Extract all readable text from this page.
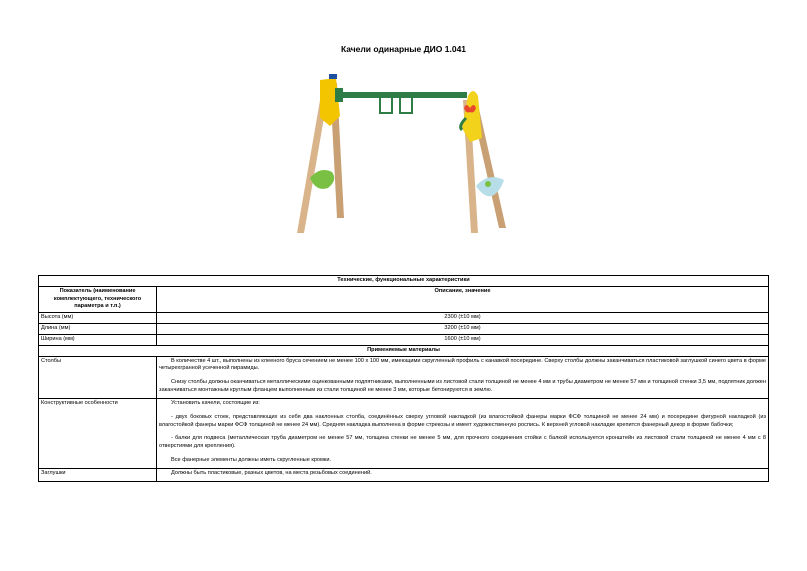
Качели одинарные ДИО 1.041
Технические, функциональные характеристики	
Показатель (наименование комплектующего, технического параметра и т.п.)	Описание, значение
Высота (мм)	2300 (±10 мм)
Длина (мм)	3200 (±10 мм)
Ширина (мм)	1600 (±10 мм)
Применяемые материалы	
Столбы	В количестве 4 шт., выполнены из клееного бруса сечением не менее 100 х 100 мм, имеющими скругленный профиль с канавкой посередине. Сверху столбы должны заканчиваться пластиковой заглушкой синего цвета в форме четырехгранной усеченной пирамиды.

Снизу столбы должны оканчиваться металлическими оцинкованными подпятниками, выполненными из листовой стали толщиной не менее 4 мм и трубы диаметром не менее 57 мм и толщиной стенки 3,5 мм, подпятник должен заканчиваться монтажным круглым фланцем выполненным из стали толщиной не менее 3 мм, которые бетонируются в землю.

Конструктивные особенности	Установить качели, состоящие из:

- двух боковых стоек, представляющих из себя два наклонных столба, соединённых сверху угловой накладкой (из влагостойкой фанеры марки ФСФ толщиной не менее 24 мм) и посередине фигурной накладкой (из влагостойкой фанеры марки ФСФ толщиной не менее 24 мм). Средняя накладка выполнена в форме стрекозы и имеет художественную роспись. К верхней угловой накладке крепится фанерный декор в форме бабочки;

- балки для подвеса (металлическая труба диаметром не менее 57 мм, толщина стенки не менее 5 мм, для прочного соединения стойки с балкой используется кронштейн из листовой стали толщиной не менее 4 мм с 8 отверстиями для крепления).

Все фанерные элементы должны иметь скругленные кромки.

Заглушки	Должны быть пластиковые, разных цветов, на места резьбовых соединений.
